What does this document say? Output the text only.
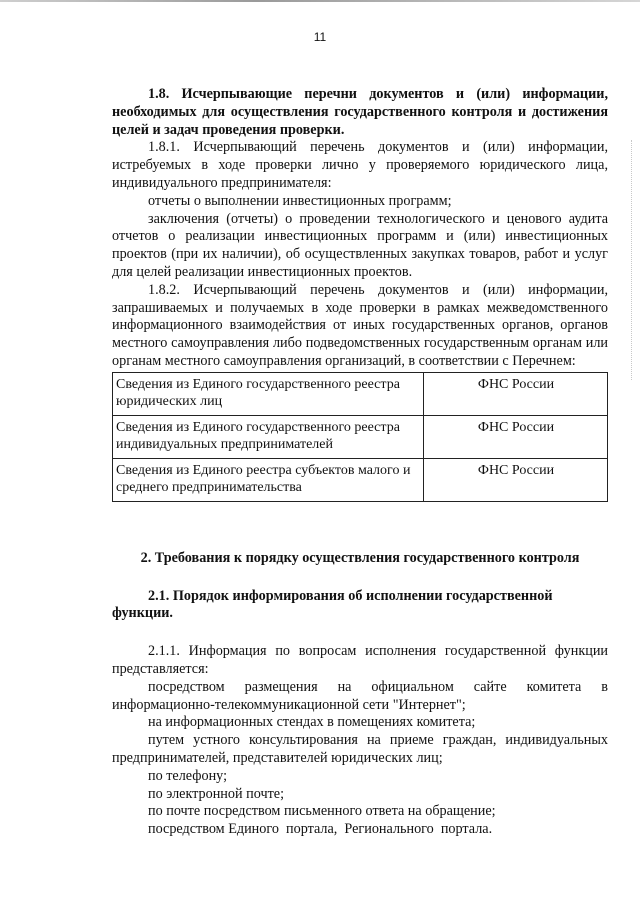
11

1.8. Исчерпывающие перечни документов и (или) информации, необходимых для осуществления государственного контроля и достижения целей и задач проведения проверки.

1.8.1. Исчерпывающий перечень документов и (или) информации, истребуемых в ходе проверки лично у проверяемого юридического лица, индивидуального предпринимателя:

отчеты о выполнении инвестиционных программ;

заключения (отчеты) о проведении технологического и ценового аудита отчетов о реализации инвестиционных программ и (или) инвестиционных проектов (при их наличии), об осуществленных закупках товаров, работ и услуг для целей реализации инвестиционных проектов.

1.8.2. Исчерпывающий перечень документов и (или) информации, запрашиваемых и получаемых в ходе проверки в рамках межведомственного информационного взаимодействия от иных государственных органов, органов местного самоуправления либо подведомственных государственным органам или органам местного самоуправления организаций, в соответствии с Перечнем:

Сведения из Единого государственного реестра юридических лиц	ФНС России
Сведения из Единого государственного реестра индивидуальных предпринимателей	ФНС России
Сведения из Единого реестра субъектов малого и среднего предпринимательства	ФНС России

2. Требования к порядку осуществления государственного контроля

2.1. Порядок информирования об исполнении государственной функции.

2.1.1. Информация по вопросам исполнения государственной функции представляется:

посредством размещения на официальном сайте комитета в информационно-телекоммуникационной сети "Интернет";

на информационных стендах в помещениях комитета;

путем устного консультирования на приеме граждан, индивидуальных предпринимателей, представителей юридических лиц;

по телефону;

по электронной почте;

по почте посредством письменного ответа на обращение;

посредством Единого  портала,  Регионального  портала.
